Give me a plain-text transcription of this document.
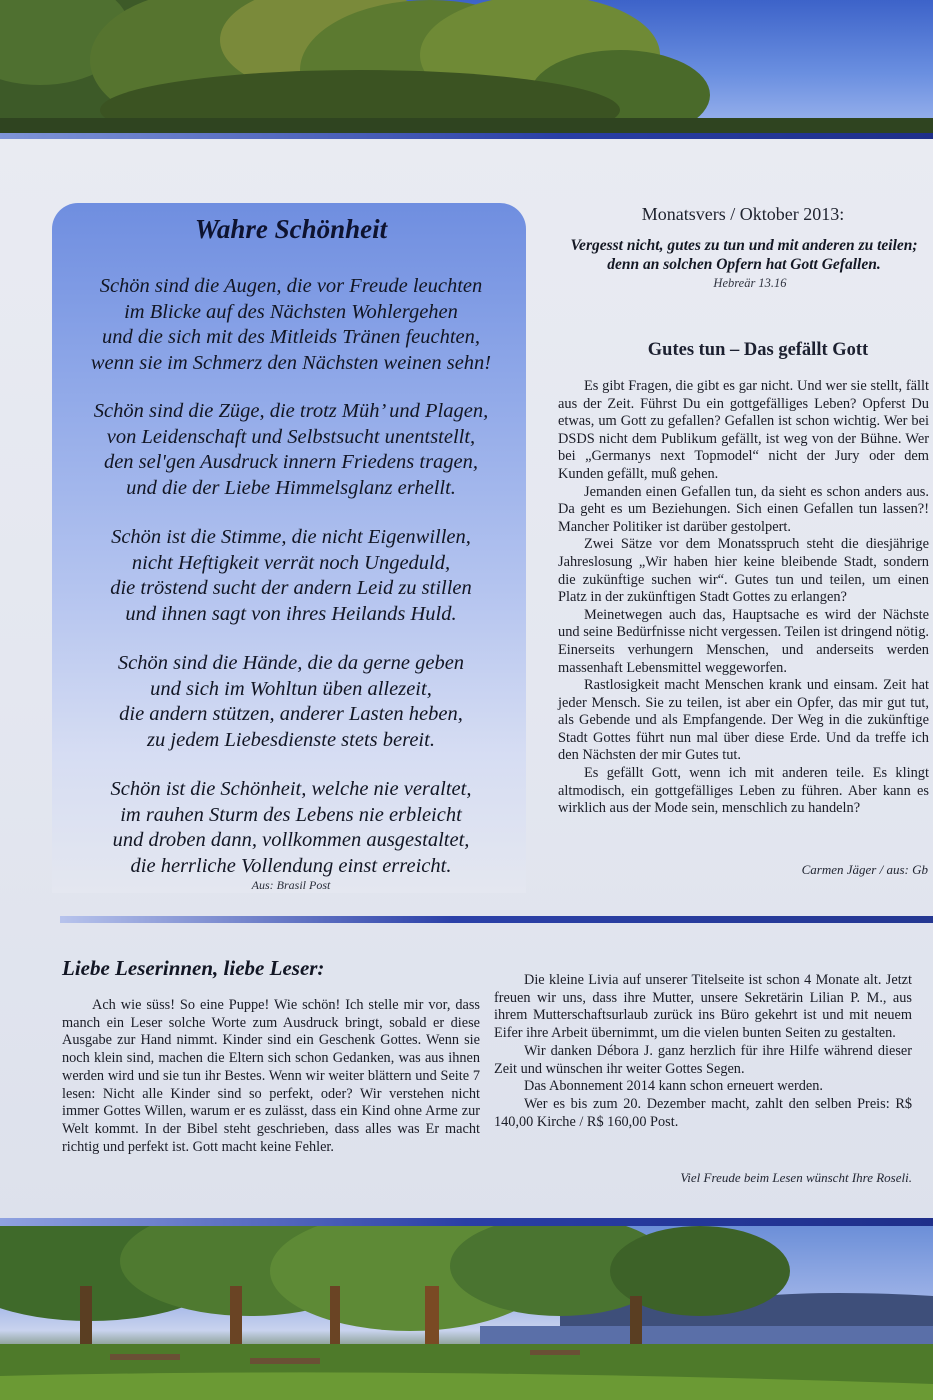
Wahre Schönheit
Schön sind die Augen, die vor Freude leuchten
im Blicke auf des Nächsten Wohlergehen
und die sich mit des Mitleids Tränen feuchten,
wenn sie im Schmerz den Nächsten weinen sehn!
Schön sind die Züge, die trotz Müh’ und Plagen,
von Leidenschaft und Selbstsucht unentstellt,
den sel'gen Ausdruck innern Friedens tragen,
und die der Liebe Himmelsglanz erhellt.
Schön ist die Stimme, die nicht Eigenwillen,
nicht Heftigkeit verrät noch Ungeduld,
die tröstend sucht der andern Leid zu stillen
und ihnen sagt von ihres Heilands Huld.
Schön sind die Hände, die da gerne geben
und sich im Wohltun üben allezeit,
die andern stützen, anderer Lasten heben,
zu jedem Liebesdienste stets bereit.
Schön ist die Schönheit, welche nie veraltet,
im rauhen Sturm des Lebens nie erbleicht
und droben dann, vollkommen ausgestaltet,
die herrliche Vollendung einst erreicht.
Aus: Brasil Post
Monatsvers / Oktober 2013:
Vergesst nicht, gutes zu tun und mit anderen zu teilen; denn an solchen Opfern hat Gott Gefallen.
Hebreär 13.16
Gutes tun – Das gefällt Gott

Es gibt Fragen, die gibt es gar nicht. Und wer sie stellt, fällt aus der Zeit. Führst Du ein gottgefälliges Leben? Opferst Du etwas, um Gott zu gefallen? Gefallen ist schon wichtig. Wer bei DSDS nicht dem Publikum gefällt, ist weg von der Bühne. Wer bei „Germanys next Topmodel“ nicht der Jury oder dem Kunden gefällt, muß gehen.

Jemanden einen Gefallen tun, da sieht es schon anders aus. Da geht es um Beziehungen. Sich einen Gefallen tun lassen?! Mancher Politiker ist darüber gestolpert.

Zwei Sätze vor dem Monatsspruch steht die diesjährige Jahreslosung „Wir haben hier keine bleibende Stadt, sondern die zukünftige suchen wir“. Gutes tun und teilen, um einen Platz in der zukünftigen Stadt Gottes zu erlangen?

Meinetwegen auch das, Hauptsache es wird der Nächste und seine Bedürfnisse nicht vergessen. Teilen ist dringend nötig. Einerseits verhungern Menschen, und anderseits werden massenhaft Lebensmittel weggeworfen.

Rastlosigkeit macht Menschen krank und einsam. Zeit hat jeder Mensch. Sie zu teilen, ist aber ein Opfer, das mir gut tut, als Gebende und als Empfangende. Der Weg in die zukünftige Stadt Gottes führt nun mal über diese Erde. Und da treffe ich den Nächsten der mir Gutes tut.

Es gefällt Gott, wenn ich mit anderen teile. Es klingt altmodisch, ein gottgefälliges Leben zu führen. Aber kann es wirklich aus der Mode sein, menschlich zu handeln?

Carmen Jäger / aus: Gb
Liebe Leserinnen, liebe Leser:

Ach wie süss! So eine Puppe! Wie schön! Ich stelle mir vor, dass manch ein Leser solche Worte zum Ausdruck bringt, sobald er diese Ausgabe zur Hand nimmt. Kinder sind ein Geschenk Gottes. Wenn sie noch klein sind, machen die Eltern sich schon Gedanken, was aus ihnen werden wird und sie tun ihr Bestes. Wenn wir weiter blättern und Seite 7 lesen: Nicht alle Kinder sind so perfekt, oder? Wir verstehen nicht immer Gottes Willen, warum er es zulässt, dass ein Kind ohne Arme zur Welt kommt. In der Bibel steht geschrieben, dass alles was Er macht richtig und perfekt ist. Gott macht keine Fehler.

Die kleine Livia auf unserer Titelseite ist schon 4 Monate alt. Jetzt freuen wir uns, dass ihre Mutter, unsere Sekretärin Lilian P. M., aus ihrem Mutterschaftsurlaub zurück ins Büro gekehrt ist und mit neuem Eifer ihre Arbeit übernimmt, um die vielen bunten Seiten zu gestalten.

Wir danken Débora J. ganz herzlich für ihre Hilfe während dieser Zeit und wünschen ihr weiter Gottes Segen.

Das Abonnement 2014 kann schon erneuert werden.

Wer es bis zum 20. Dezember macht, zahlt den selben Preis: R$ 140,00 Kirche / R$ 160,00 Post.

Viel Freude beim Lesen wünscht Ihre Roseli.
